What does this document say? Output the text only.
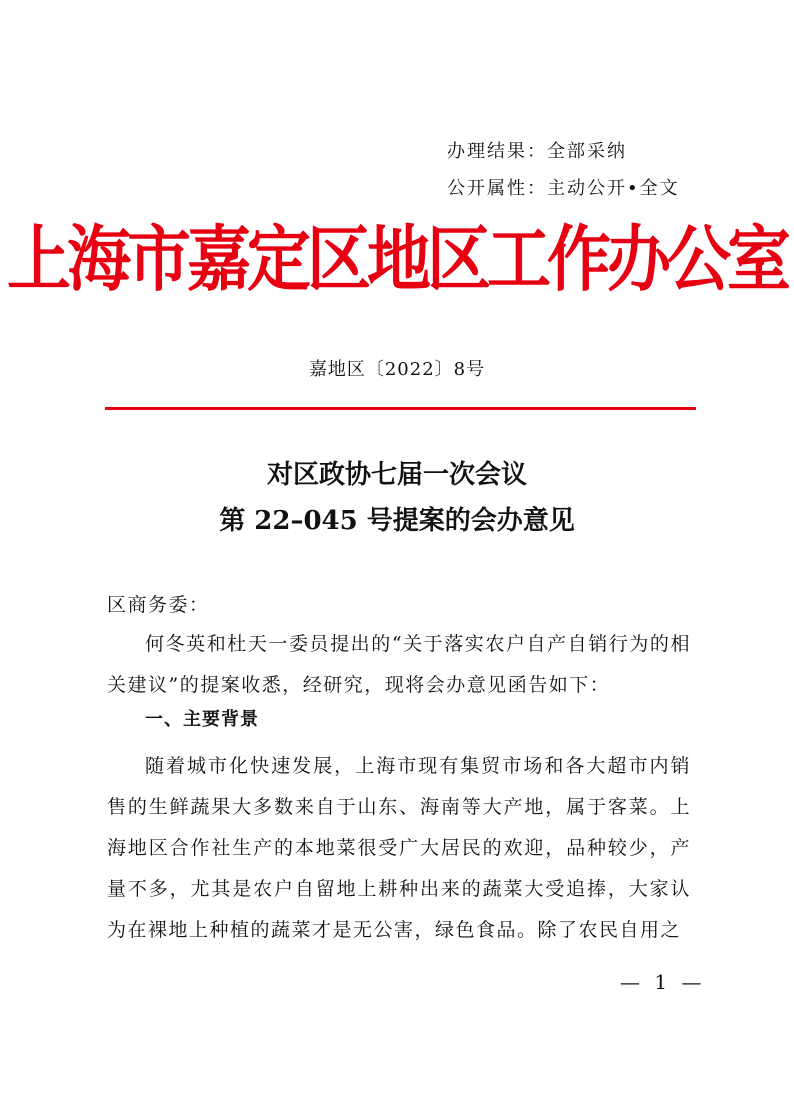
办理结果：全部采纳
公开属性：主动公开•全文
上海市嘉定区地区工作办公室
嘉地区〔2022〕8号
对区政协七届一次会议
第 22–045 号提案的会办意见
区商务委：
何冬英和杜天一委员提出的“关于落实农户自产自销行为的相关建议”的提案收悉，经研究，现将会办意见函告如下：
一、主要背景
随着城市化快速发展，上海市现有集贸市场和各大超市内销售的生鲜蔬果大多数来自于山东、海南等大产地，属于客菜。上海地区合作社生产的本地菜很受广大居民的欢迎，品种较少，产量不多，尤其是农户自留地上耕种出来的蔬菜大受追捧，大家认为在裸地上种植的蔬菜才是无公害，绿色食品。除了农民自用之
— 1 —
